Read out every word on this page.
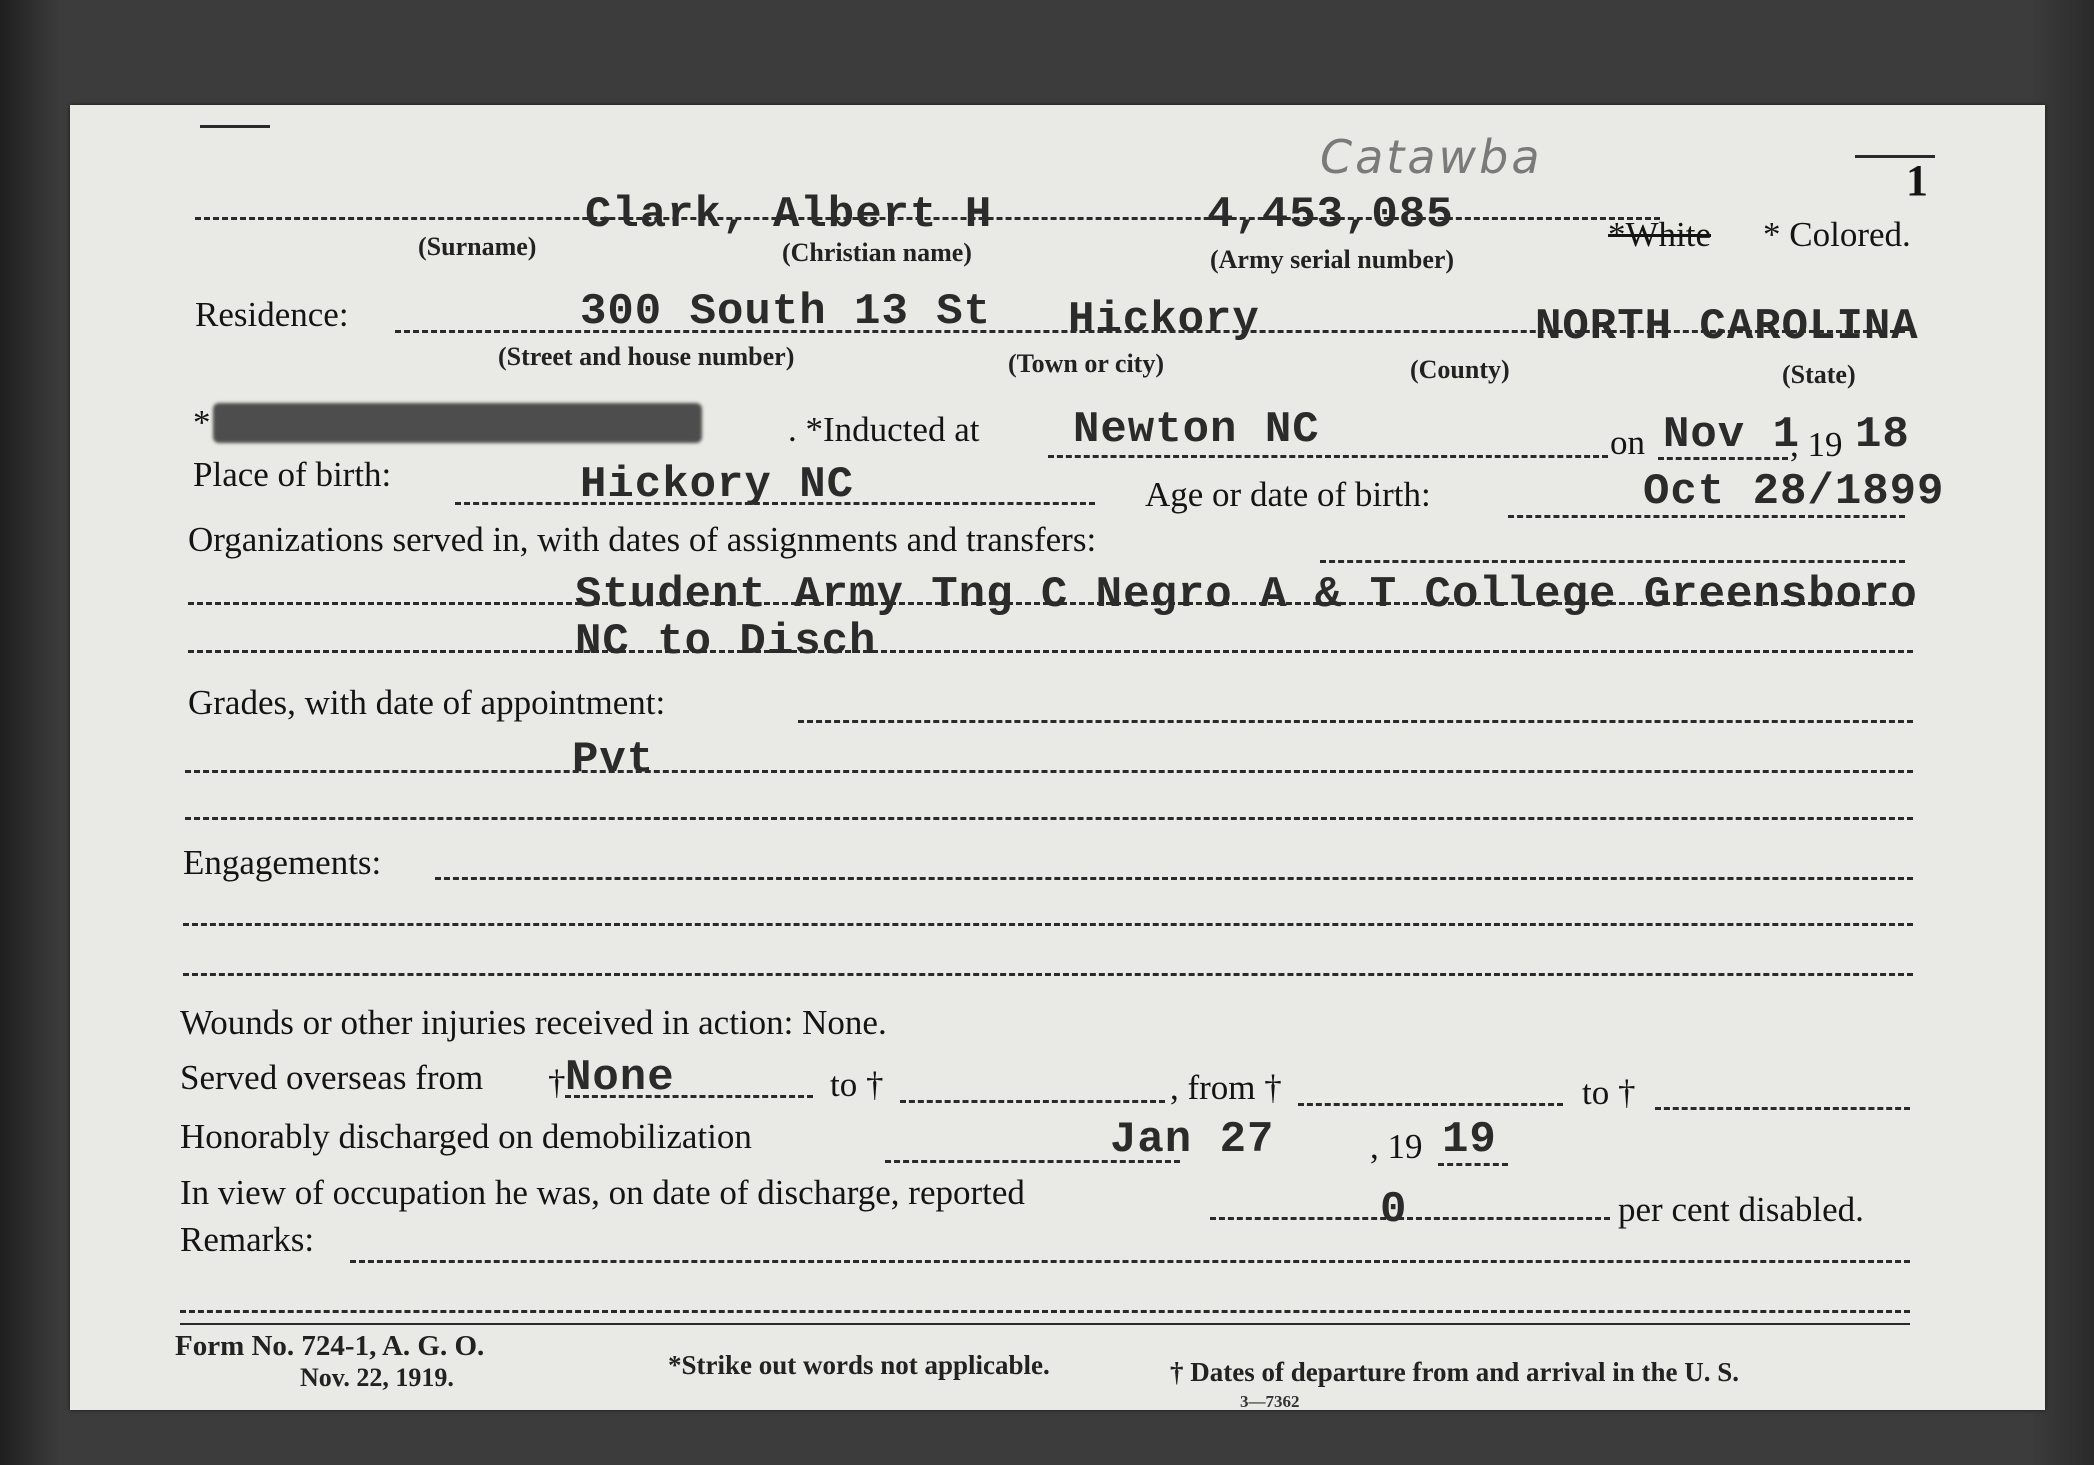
Catawba	1
Clark, Albert H	4,453,085
(Surname)	(Christian name)	(Army serial number)
*White * Colored.
Residence:	300 South 13 St Hickory	NORTH CAROLINA
(Street and house number)	(Town or city)	(County)	(State)
* Enlisted * R. A. * N. G. * E. R. C.	. *Inducted at Newton NC	on Nov 1
, 19 18
Place of birth:	Hickory NC	Age or date of birth:	Oct 28/1899
Organizations served in, with dates of assignments and transfers:
Student Army Tng C Negro A & T College Greensboro
NC to Disch
Grades, with date of appointment:
Pvt
Engagements:
Wounds or other injuries received in action: None.
Served overseas from † None	to †	, from †	to †
Honorably discharged on demobilization	Jan 27	, 19 19
In view of occupation he was, on date of discharge, reported	0	per cent disabled.
Remarks:
Form No. 724-1, A. G. O.
Nov. 22, 1919.	*Strike out words not applicable.	† Dates of departure from and arrival in the U. S.
3—7362
